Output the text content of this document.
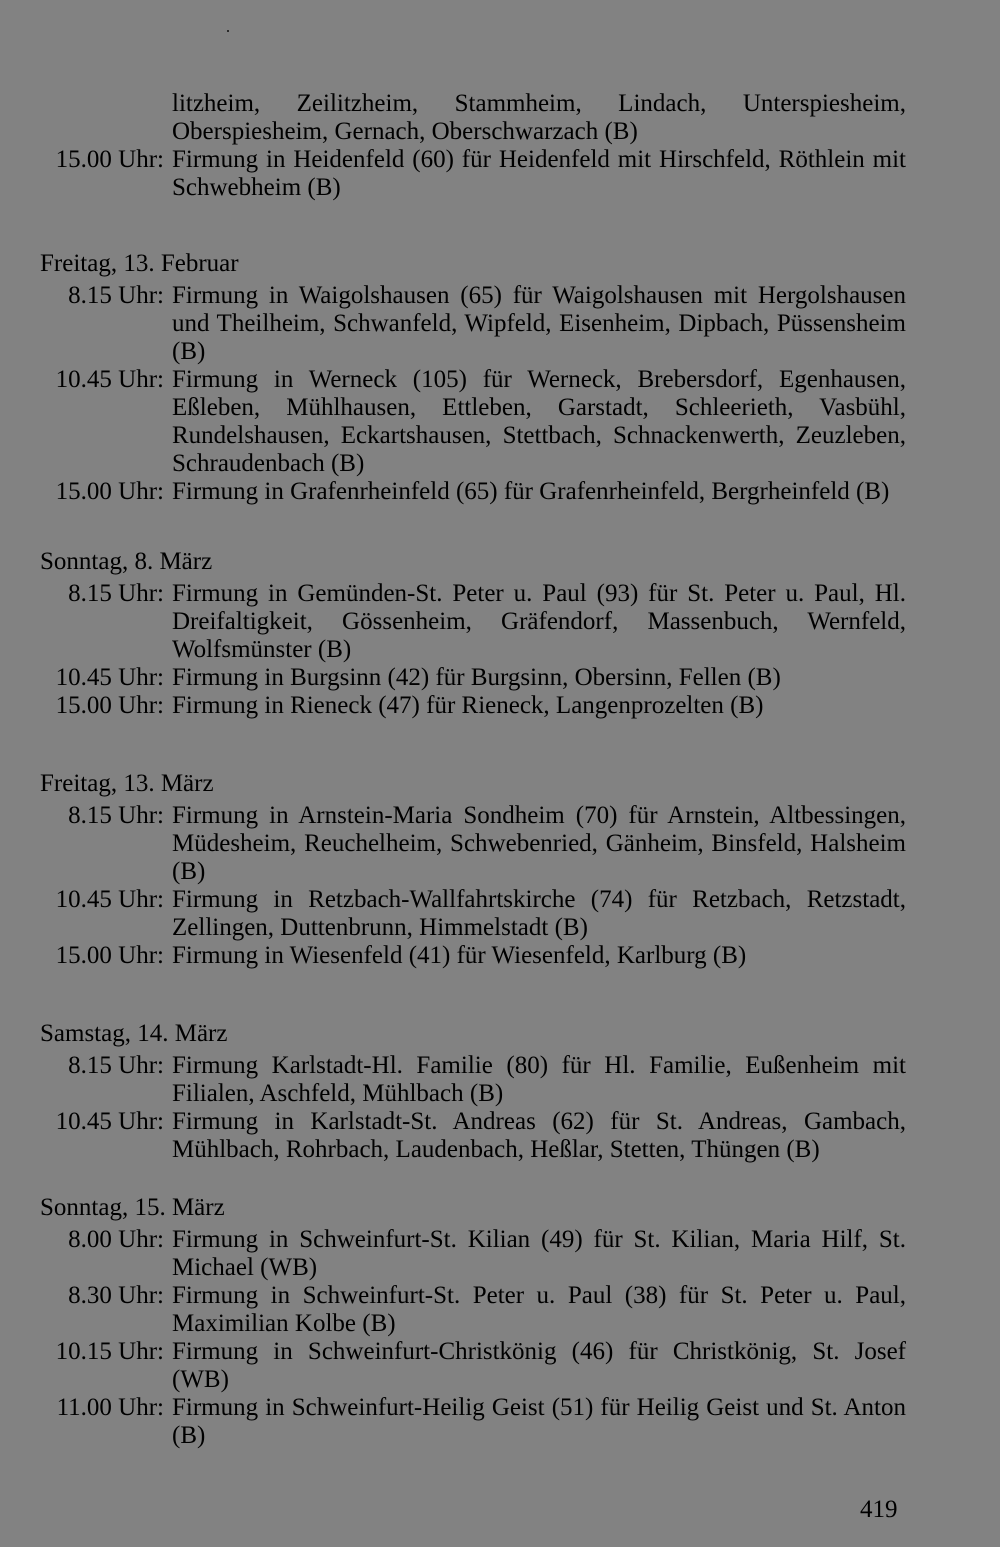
litzheim, Zeilitzheim, Stammheim, Lindach, Unterspiesheim, Oberspiesheim, Gernach, Oberschwarzach (B)
15.00 Uhr: Firmung in Heidenfeld (60) für Heidenfeld mit Hirschfeld, Röthlein mit Schwebheim (B)
Freitag, 13. Februar
8.15 Uhr: Firmung in Waigolshausen (65) für Waigolshausen mit Hergolshausen und Theilheim, Schwanfeld, Wipfeld, Eisenheim, Dipbach, Püssensheim (B)
10.45 Uhr: Firmung in Werneck (105) für Werneck, Brebersdorf, Egenhausen, Eßleben, Mühlhausen, Ettleben, Garstadt, Schleerieth, Vasbühl, Rundelshausen, Eckartshausen, Stettbach, Schnackenwerth, Zeuzleben, Schraudenbach (B)
15.00 Uhr: Firmung in Grafenrheinfeld (65) für Grafenrheinfeld, Bergrheinfeld (B)
Sonntag, 8. März
8.15 Uhr: Firmung in Gemünden-St. Peter u. Paul (93) für St. Peter u. Paul, Hl. Dreifaltigkeit, Gössenheim, Gräfendorf, Massenbuch, Wernfeld, Wolfsmünster (B)
10.45 Uhr: Firmung in Burgsinn (42) für Burgsinn, Obersinn, Fellen (B)
15.00 Uhr: Firmung in Rieneck (47) für Rieneck, Langenprozelten (B)
Freitag, 13. März
8.15 Uhr: Firmung in Arnstein-Maria Sondheim (70) für Arnstein, Altbessingen, Müdesheim, Reuchelheim, Schwebenried, Gänheim, Binsfeld, Halsheim (B)
10.45 Uhr: Firmung in Retzbach-Wallfahrtskirche (74) für Retzbach, Retzstadt, Zellingen, Duttenbrunn, Himmelstadt (B)
15.00 Uhr: Firmung in Wiesenfeld (41) für Wiesenfeld, Karlburg (B)
Samstag, 14. März
8.15 Uhr: Firmung Karlstadt-Hl. Familie (80) für Hl. Familie, Eußenheim mit Filialen, Aschfeld, Mühlbach (B)
10.45 Uhr: Firmung in Karlstadt-St. Andreas (62) für St. Andreas, Gambach, Mühlbach, Rohrbach, Laudenbach, Heßlar, Stetten, Thüngen (B)
Sonntag, 15. März
8.00 Uhr: Firmung in Schweinfurt-St. Kilian (49) für St. Kilian, Maria Hilf, St. Michael (WB)
8.30 Uhr: Firmung in Schweinfurt-St. Peter u. Paul (38) für St. Peter u. Paul, Maximilian Kolbe (B)
10.15 Uhr: Firmung in Schweinfurt-Christkönig (46) für Christkönig, St. Josef (WB)
11.00 Uhr: Firmung in Schweinfurt-Heilig Geist (51) für Heilig Geist und St. Anton (B)
419
